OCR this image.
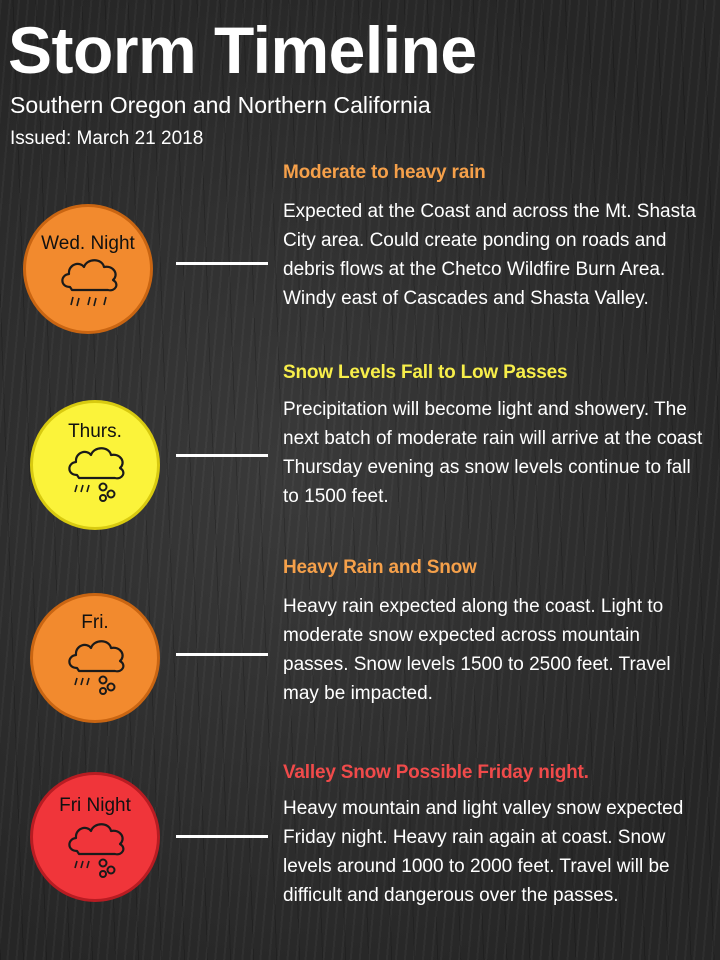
Storm Timeline
Southern Oregon and Northern California
Issued: March 21 2018
Wed. Night
Moderate to heavy rain
Expected at the Coast and across the Mt. Shasta City area. Could create ponding on roads and debris flows at the Chetco Wildfire Burn Area. Windy east of Cascades and Shasta Valley.
Thurs.
Snow Levels Fall to Low Passes
Precipitation will become light and showery. The next batch of moderate rain will arrive at the coast Thursday evening as snow levels continue to fall to 1500 feet.
Fri.
Heavy Rain and Snow
Heavy rain expected along the coast. Light to moderate snow expected across mountain passes. Snow levels 1500 to 2500 feet. Travel may be impacted.
Fri Night
Valley Snow Possible Friday night.
Heavy mountain and light valley snow expected Friday night. Heavy rain again at coast. Snow levels around 1000 to 2000 feet. Travel will be difficult and dangerous over the passes.
